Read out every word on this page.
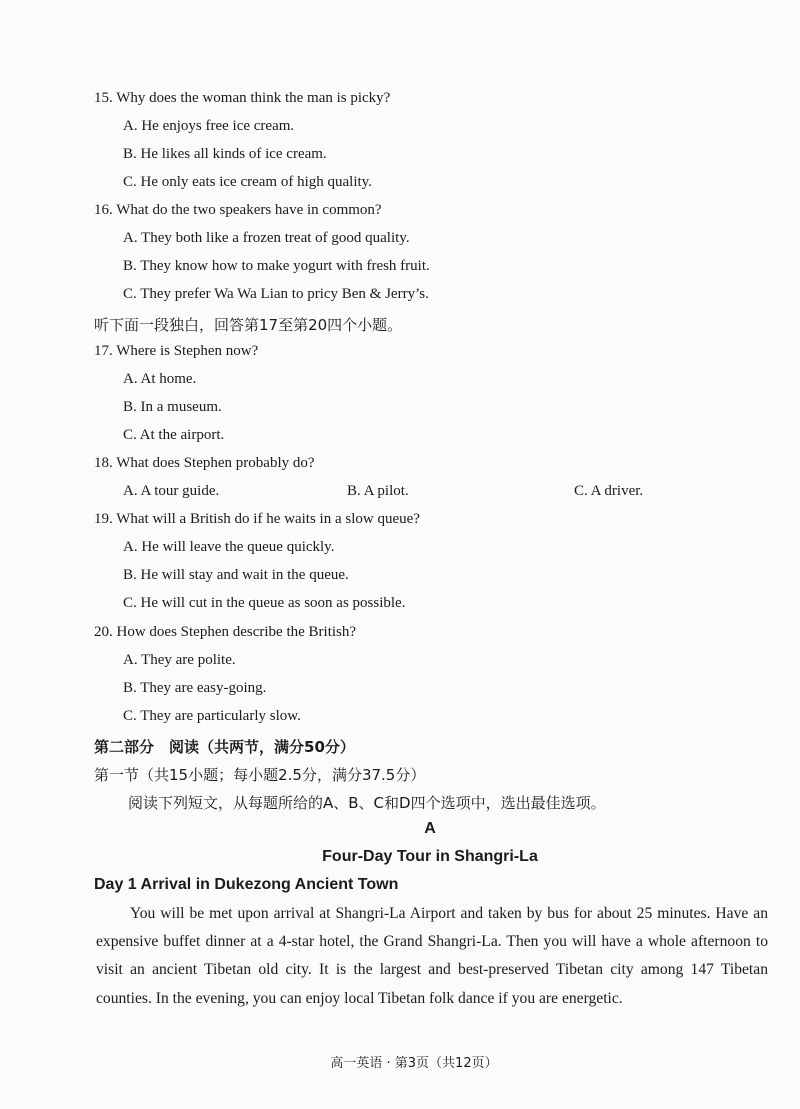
15. Why does the woman think the man is picky?
A. He enjoys free ice cream.
B. He likes all kinds of ice cream.
C. He only eats ice cream of high quality.
16. What do the two speakers have in common?
A. They both like a frozen treat of good quality.
B. They know how to make yogurt with fresh fruit.
C. They prefer Wa Wa Lian to pricy Ben & Jerry’s.
听下面一段独白，回答第17至第20四个小题。
17. Where is Stephen now?
A. At home.
B. In a museum.
C. At the airport.
18. What does Stephen probably do?
A. A tour guide.	B. A pilot.	C. A driver.
19. What will a British do if he waits in a slow queue?
A. He will leave the queue quickly.
B. He will stay and wait in the queue.
C. He will cut in the queue as soon as possible.
20. How does Stephen describe the British?
A. They are polite.
B. They are easy-going.
C. They are particularly slow.
第二部分　阅读（共两节，满分50分）
第一节（共15小题；每小题2.5分，满分37.5分）
阅读下列短文，从每题所给的A、B、C和D四个选项中，选出最佳选项。
A
Four-Day Tour in Shangri-La
Day 1 Arrival in Dukezong Ancient Town
You will be met upon arrival at Shangri-La Airport and taken by bus for about 25 minutes. Have an expensive buffet dinner at a 4-star hotel, the Grand Shangri-La. Then you will have a whole afternoon to visit an ancient Tibetan old city. It is the largest and best-preserved Tibetan city among 147 Tibetan counties. In the evening, you can enjoy local Tibetan folk dance if you are energetic.
高一英语 · 第3页（共12页）
